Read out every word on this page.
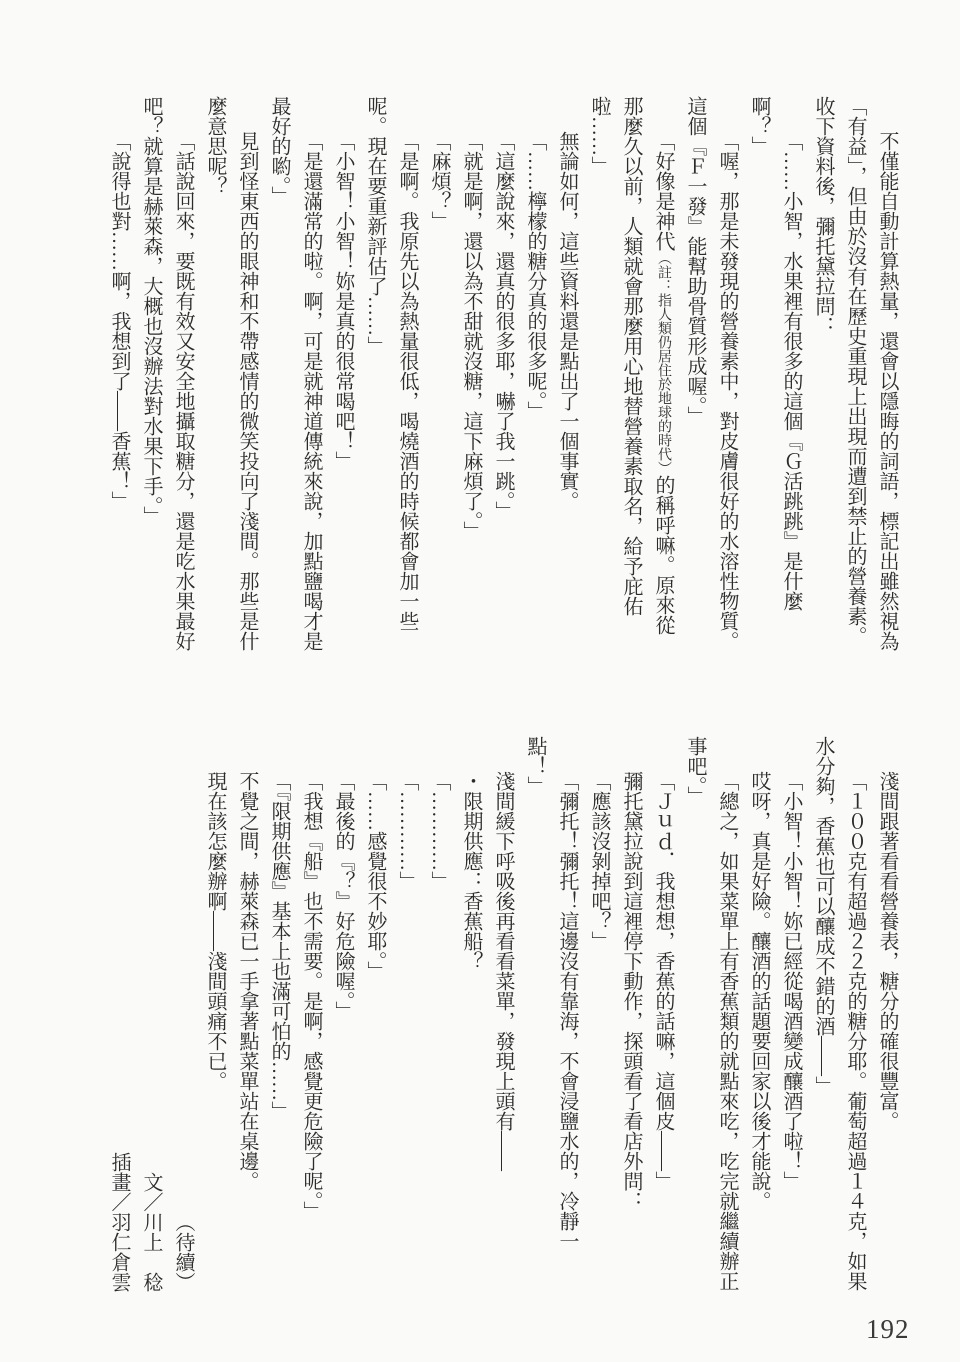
不僅能自動計算熱量，還會以隱晦的詞語，標記出雖然視為「有益」，但由於沒有在歷史重現上出現而遭到禁止的營養素。

收下資料後，彌托黛拉問：

「……小智，水果裡有很多的這個『Ｇ活跳跳』是什麼啊？」

「喔，那是未發現的營養素中，對皮膚很好的水溶性物質。這個『Ｆ一發』能幫助骨質形成喔。」

「好像是神代（註：指人類仍居住於地球的時代）的稱呼嘛。原來從那麼久以前，人類就會那麼用心地替營養素取名，給予庇佑啦……」

無論如何，這些資料還是點出了一個事實。

「……檸檬的糖分真的很多呢。」

「這麼說來，還真的很多耶，嚇了我一跳。」

「就是啊，還以為不甜就沒糖，這下麻煩了。」

「麻煩？」

「是啊。我原先以為熱量很低，喝燒酒的時候都會加一些呢。現在要重新評估了……」

「小智！小智！妳是真的很常喝吧！」

「是還滿常的啦。啊，可是就神道傳統來說，加點鹽喝才是最好的喲。」

見到怪東西的眼神和不帶感情的微笑投向了淺間。那些是什麼意思呢？

「話說回來，要既有效又安全地攝取糖分，還是吃水果最好吧？就算是赫萊森，大概也沒辦法對水果下手。」

「說得也對……啊，我想到了——香蕉！」

淺間跟著看看營養表，糖分的確很豐富。

「１００克有超過２２克的糖分耶。葡萄超過１４克，如果水分夠，香蕉也可以釀成不錯的酒——」

「小智！小智！妳已經從喝酒變成釀酒了啦！」

哎呀，真是好險。釀酒的話題要回家以後才能說。

「總之，如果菜單上有香蕉類的就點來吃，吃完就繼續辦正事吧。」

「Ｊｕｄ．我想想，香蕉的話嘛，這個皮——」

彌托黛拉說到這裡停下動作，探頭看了看店外問：

「應該沒剝掉吧？」

「彌托！彌托！這邊沒有靠海，不會浸鹽水的，冷靜一點！」

淺間緩下呼吸後再看看菜單，發現上頭有——

・限期供應：香蕉船？

「…………」

「…………」

「……感覺很不妙耶。」

「最後的『？』好危險喔。」

「我想『船』也不需要。是啊，感覺更危險了呢。」

「『限期供應』基本上也滿可怕的……」

不覺之間，赫萊森已一手拿著點菜單站在桌邊。

現在該怎麼辦啊——淺間頭痛不已。

（待續）

文／川上　稔

插畫／羽仁倉雲

192
